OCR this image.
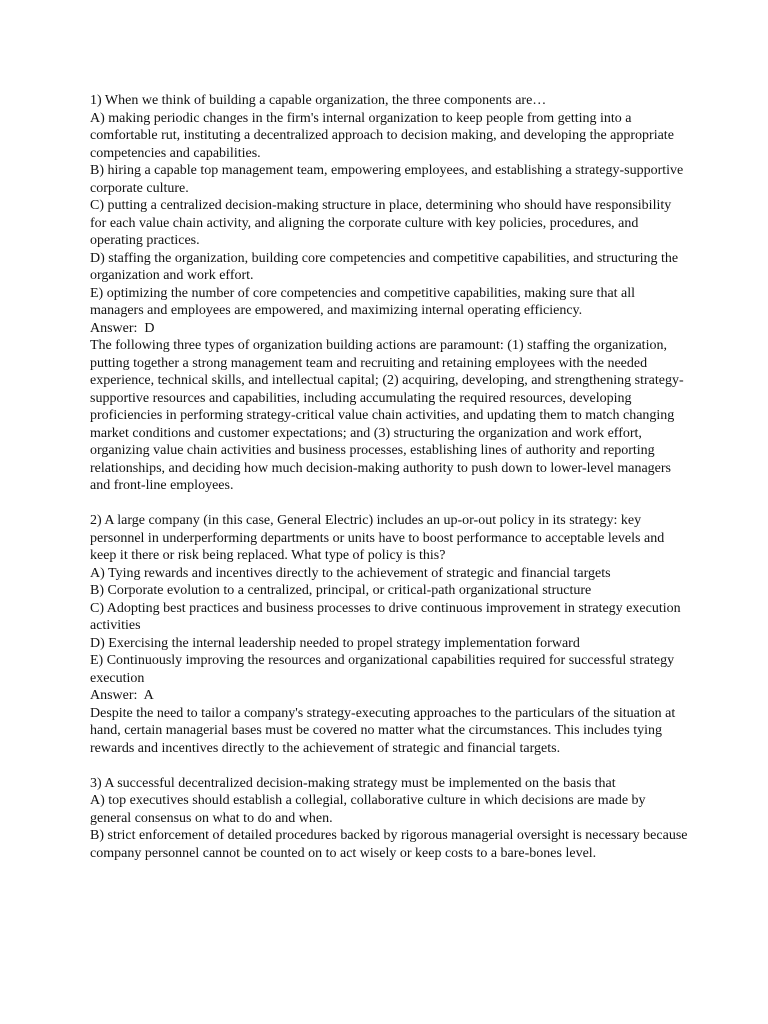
1) When we think of building a capable organization, the three components are…
A) making periodic changes in the firm's internal organization to keep people from getting into a comfortable rut, instituting a decentralized approach to decision making, and developing the appropriate competencies and capabilities.
B) hiring a capable top management team, empowering employees, and establishing a strategy-supportive corporate culture.
C) putting a centralized decision-making structure in place, determining who should have responsibility for each value chain activity, and aligning the corporate culture with key policies, procedures, and operating practices.
D) staffing the organization, building core competencies and competitive capabilities, and structuring the organization and work effort.
E) optimizing the number of core competencies and competitive capabilities, making sure that all managers and employees are empowered, and maximizing internal operating efficiency.
Answer:  D
The following three types of organization building actions are paramount: (1) staffing the organization, putting together a strong management team and recruiting and retaining employees with the needed experience, technical skills, and intellectual capital; (2) acquiring, developing, and strengthening strategy-supportive resources and capabilities, including accumulating the required resources, developing proficiencies in performing strategy-critical value chain activities, and updating them to match changing market conditions and customer expectations; and (3) structuring the organization and work effort, organizing value chain activities and business processes, establishing lines of authority and reporting relationships, and deciding how much decision-making authority to push down to lower-level managers and front-line employees.
2) A large company (in this case, General Electric) includes an up-or-out policy in its strategy: key personnel in underperforming departments or units have to boost performance to acceptable levels and keep it there or risk being replaced. What type of policy is this?
A) Tying rewards and incentives directly to the achievement of strategic and financial targets
B) Corporate evolution to a centralized, principal, or critical-path organizational structure
C) Adopting best practices and business processes to drive continuous improvement in strategy execution activities
D) Exercising the internal leadership needed to propel strategy implementation forward
E) Continuously improving the resources and organizational capabilities required for successful strategy execution
Answer:  A
Despite the need to tailor a company's strategy-executing approaches to the particulars of the situation at hand, certain managerial bases must be covered no matter what the circumstances. This includes tying rewards and incentives directly to the achievement of strategic and financial targets.
3) A successful decentralized decision-making strategy must be implemented on the basis that
A) top executives should establish a collegial, collaborative culture in which decisions are made by general consensus on what to do and when.
B) strict enforcement of detailed procedures backed by rigorous managerial oversight is necessary because company personnel cannot be counted on to act wisely or keep costs to a bare-bones level.
